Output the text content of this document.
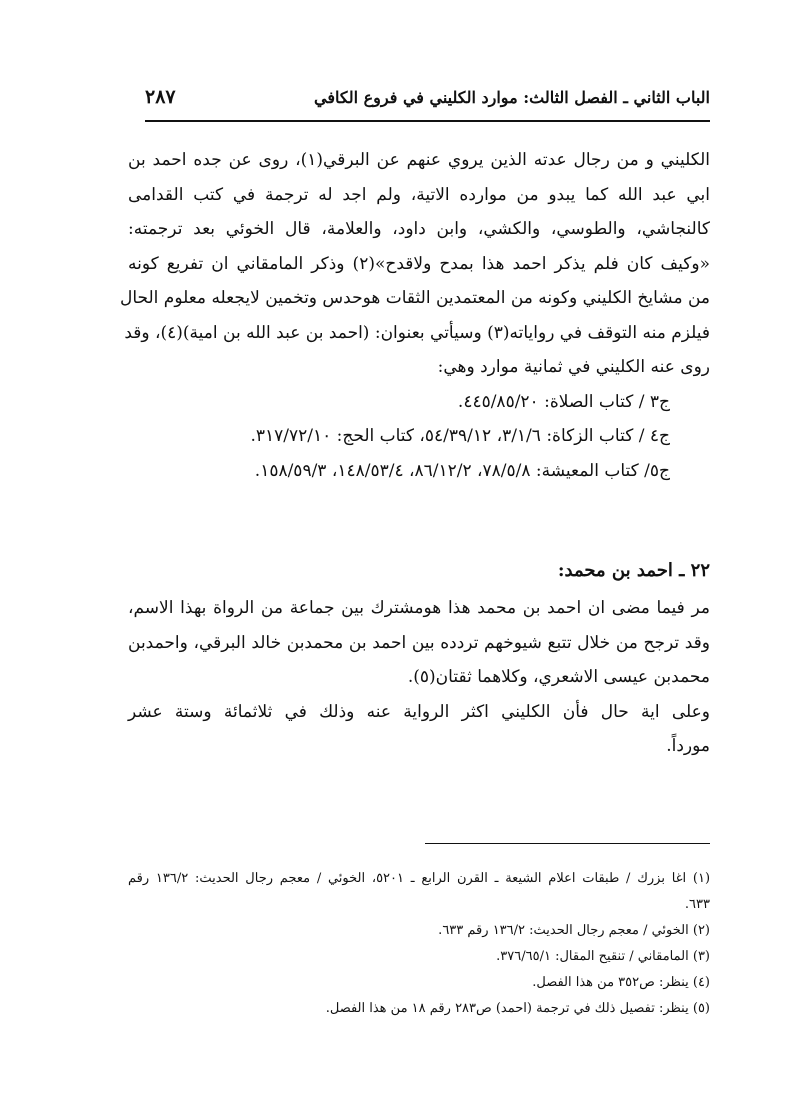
الباب الثاني ـ الفصل الثالث: موارد الكليني في فروع الكافي
٢٨٧
الكليني و من رجال عدته الذين يروي عنهم عن البرقي(١)، روى عن جده احمد بن
ابي عبد الله كما يبدو من موارده الاتية، ولم اجد له ترجمة في كتب القدامى
كالنجاشي، والطوسي، والكشي، وابن داود، والعلامة، قال الخوئي بعد ترجمته:
«وكيف كان فلم يذكر احمد هذا بمدح ولاقدح»(٢) وذكر المامقاني ان تفريع كونه
من مشايخ الكليني وكونه من المعتمدين الثقات هوحدس وتخمين لايجعله معلوم الحال
فيلزم منه التوقف في رواياته(٣) وسيأتي بعنوان: (احمد بن عبد الله بن امية)(٤)، وقد
روى عنه الكليني في ثمانية موارد وهي:
ج٣ / كتاب الصلاة: ٤٤٥/٨٥/٢٠.
ج٤ / كتاب الزكاة: ٣/١/٦، ٥٤/٣٩/١٢، كتاب الحج: ٣١٧/٧٢/١٠.
ج٥/ كتاب المعيشة: ٧٨/٥/٨، ٨٦/١٢/٢، ١٤٨/٥٣/٤، ١٥٨/٥٩/٣.
٢٢ ـ احمد بن محمد:
مر فيما مضى ان احمد بن محمد هذا هومشترك بين جماعة من الرواة بهذا الاسم،
وقد ترجح من خلال تتبع شيوخهم تردده بين احمد بن محمدبن خالد البرقي، واحمدبن
محمدبن عيسى الاشعري، وكلاهما ثقتان(٥).
وعلى اية حال فأن الكليني اكثر الرواية عنه وذلك في ثلاثمائة وستة عشر
مورداً.
(١) اغا بزرك / طبقات اعلام الشيعة ـ القرن الرابع ـ ٥٢٠١، الخوئي / معجم رجال الحديث: ١٣٦/٢ رقم
٦٣٣.
(٢) الخوئي / معجم رجال الحديث: ١٣٦/٢ رقم ٦٣٣.
(٣) المامقاني / تنقيح المقال: ٣٧٦/٦٥/١.
(٤) ينظر: ص٣٥٢ من هذا الفصل.
(٥) ينظر: تفصيل ذلك في ترجمة (احمد) ص٢٨٣ رقم ١٨ من هذا الفصل.
